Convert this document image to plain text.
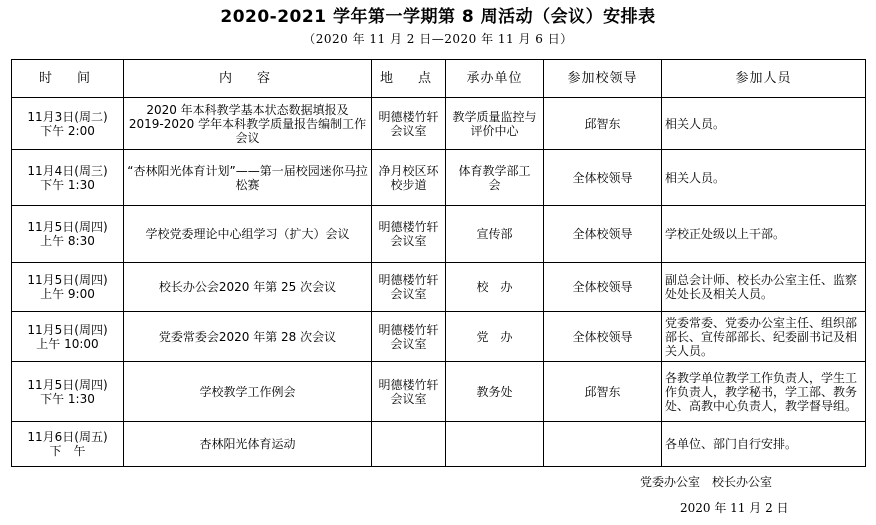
2020-2021 学年第一学期第 8 周活动（会议）安排表
（2020 年 11 月 2 日—2020 年 11 月 6 日）
时　间	内　容	地　点	承办单位	参加校领导	参加人员

11月3日(周二)
下午 2:00	2020 年本科教学基本状态数据填报及 2019-2020 学年本科教学质量报告编制工作会议	明德楼竹轩会议室	教学质量监控与评价中心	邱智东	相关人员。

11月4日(周三)
下午 1:30	“杏林阳光体育计划”——第一届校园迷你马拉松赛	净月校区环校步道	体育教学部工　会	全体校领导	相关人员。

11月5日(周四)
上午 8:30	学校党委理论中心组学习（扩大）会议	明德楼竹轩会议室	宣传部	全体校领导	学校正处级以上干部。

11月5日(周四)
上午 9:00	校长办公会2020 年第 25 次会议	明德楼竹轩会议室	校　办	全体校领导	副总会计师、校长办公室主任、监察处处长及相关人员。

11月5日(周四)
上午 10:00	党委常委会2020 年第 28 次会议	明德楼竹轩会议室	党　办	全体校领导	党委常委、党委办公室主任、组织部部长、宣传部部长、纪委副书记及相关人员。

11月5日(周四)
下午 1:30	学校教学工作例会	明德楼竹轩会议室	教务处	邱智东	各教学单位教学工作负责人，学生工作负责人，教学秘书，学工部、教务处、高教中心负责人，教学督导组。

11月6日(周五)
下　午	杏林阳光体育运动				各单位、部门自行安排。
党委办公室　校长办公室
2020 年 11 月 2 日
